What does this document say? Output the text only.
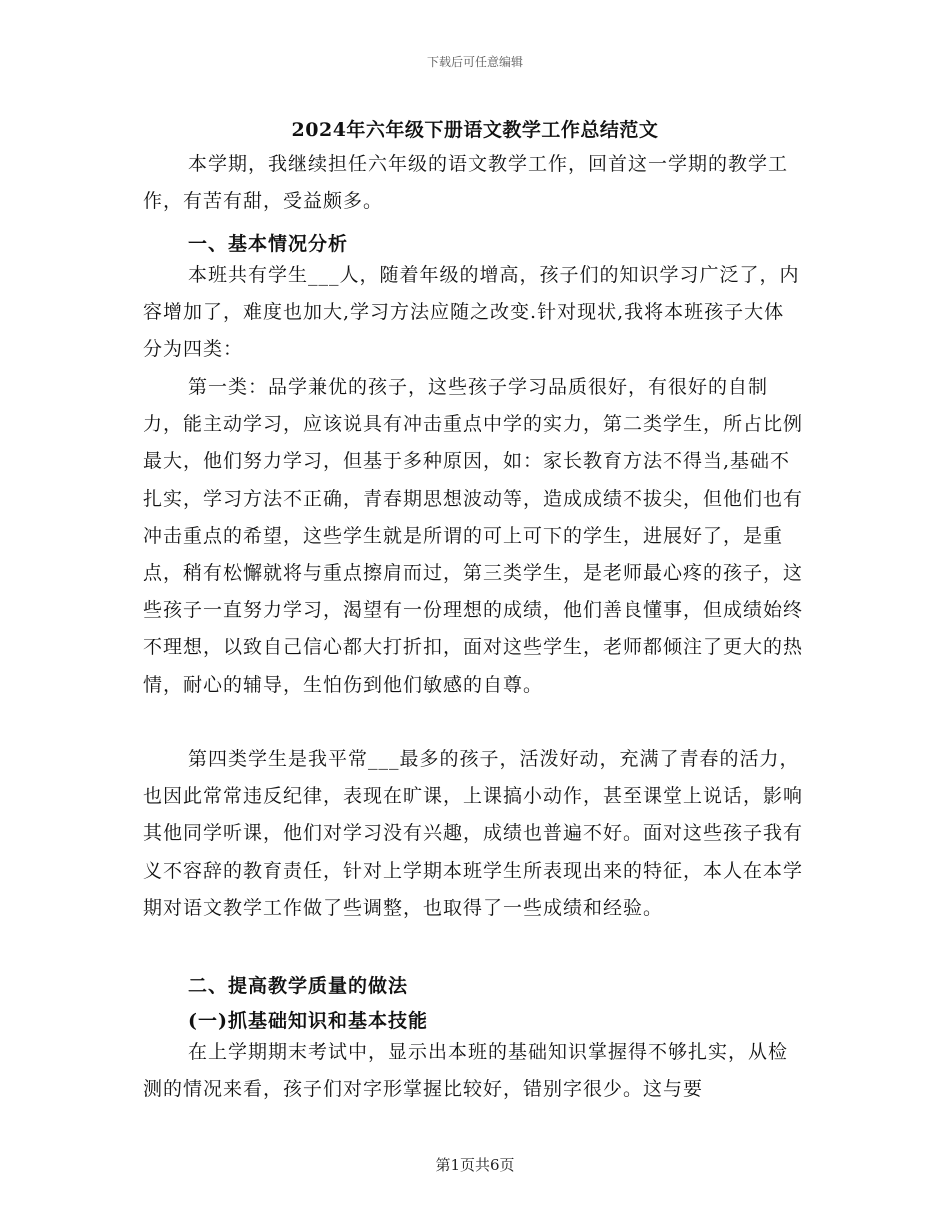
下载后可任意编辑
2024年六年级下册语文教学工作总结范文

本学期，我继续担任六年级的语文教学工作，回首这一学期的教学工作，有苦有甜，受益颇多。

一、基本情况分析

本班共有学生___人，随着年级的增高，孩子们的知识学习广泛了，内容增加了，难度也加大,学习方法应随之改变.针对现状,我将本班孩子大体分为四类：

第一类：品学兼优的孩子，这些孩子学习品质很好，有很好的自制力，能主动学习，应该说具有冲击重点中学的实力，第二类学生，所占比例最大，他们努力学习，但基于多种原因，如：家长教育方法不得当,基础不扎实，学习方法不正确，青春期思想波动等，造成成绩不拔尖，但他们也有冲击重点的希望，这些学生就是所谓的可上可下的学生，进展好了，是重点，稍有松懈就将与重点擦肩而过，第三类学生，是老师最心疼的孩子，这些孩子一直努力学习，渴望有一份理想的成绩，他们善良懂事，但成绩始终不理想，以致自己信心都大打折扣，面对这些学生，老师都倾注了更大的热情，耐心的辅导，生怕伤到他们敏感的自尊。

第四类学生是我平常___最多的孩子，活泼好动，充满了青春的活力，也因此常常违反纪律，表现在旷课，上课搞小动作，甚至课堂上说话，影响其他同学听课，他们对学习没有兴趣，成绩也普遍不好。面对这些孩子我有义不容辞的教育责任，针对上学期本班学生所表现出来的特征，本人在本学期对语文教学工作做了些调整，也取得了一些成绩和经验。

二、提高教学质量的做法

(一)抓基础知识和基本技能

在上学期期末考试中，显示出本班的基础知识掌握得不够扎实，从检测的情况来看，孩子们对字形掌握比较好，错别字很少。这与要

第1页共6页
